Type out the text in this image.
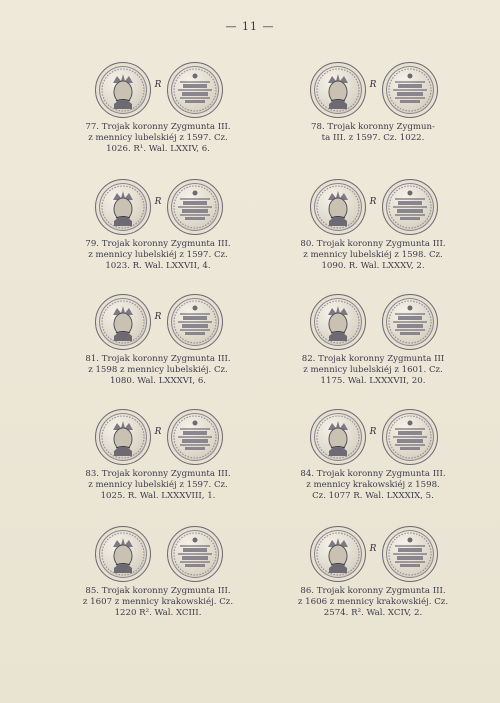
— 11 —
R
77. Trojak koronny Zygmunta III.
z mennicy lubelskiéj z 1597. Cz.
1026. R¹. Wal. LXXIV, 6.
R
78. Trojak koronny Zygmun-
ta III. z 1597. Cz. 1022.
R
79. Trojak koronny Zygmunta III.
z mennicy lubelskiéj z 1597. Cz.
1023. R. Wal. LXXVII, 4.
R
80. Trojak koronny Zygmunta III.
z mennicy lubelskiéj z 1598. Cz.
1090. R. Wal. LXXXV, 2.
R
81. Trojak koronny Zygmunta III.
z 1598 z mennicy lubelskiéj. Cz.
1080. Wal. LXXXVI, 6.
82. Trojak koronny Zygmunta III
z mennicy lubelskiéj z 1601. Cz.
1175. Wal. LXXXVII, 20.
R
83. Trojak koronny Zygmunta III.
z mennicy lubelskiéj z 1597. Cz.
1025. R. Wal. LXXXVIII, 1.
R
84. Trojak koronny Zygmunta III.
z mennicy krakowskiéj z 1598.
Cz. 1077 R. Wal. LXXXIX, 5.
85. Trojak koronny Zygmunta III.
z 1607 z mennicy krakowskiéj. Cz.
1220 R². Wal. XCIII.
R
86. Trojak koronny Zygmunta III.
z 1606 z mennicy krakowskiéj. Cz.
2574. R². Wal. XCIV, 2.
